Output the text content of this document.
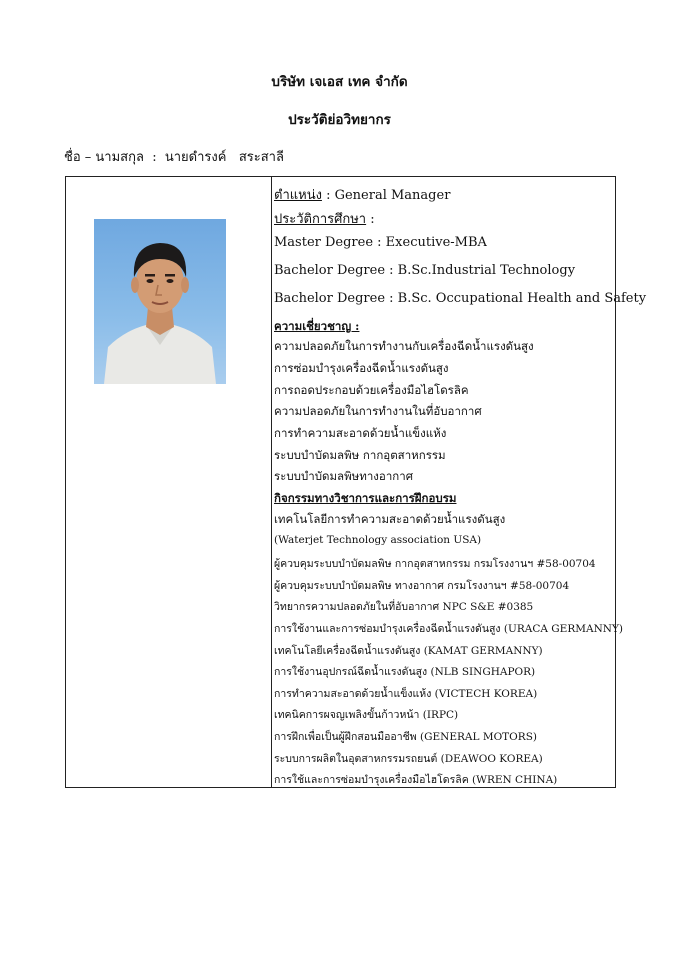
บริษัท เจเอส เทค จำกัด
ประวัติย่อวิทยากร
ชื่อ – นามสกุล  : นายดำรงค์   สระสาลี
ตำแหน่ง : General Manager
ประวัติการศึกษา :
Master Degree : Executive-MBA
Bachelor Degree : B.Sc.Industrial Technology
Bachelor Degree : B.Sc. Occupational Health and Safety
ความเชี่ยวชาญ :
ความปลอดภัยในการทำงานกับเครื่องฉีดน้ำแรงดันสูง
การซ่อมบำรุงเครื่องฉีดน้ำแรงดันสูง
การถอดประกอบด้วยเครื่องมือไฮโดรลิค
ความปลอดภัยในการทำงานในที่อับอากาศ
การทำความสะอาดด้วยน้ำแข็งแห้ง
ระบบบำบัดมลพิษ กากอุตสาหกรรม
ระบบบำบัดมลพิษทางอากาศ
กิจกรรมทางวิชาการและการฝึกอบรม
เทคโนโลยีการทำความสะอาดด้วยน้ำแรงดันสูง
(Waterjet Technology association USA)
ผู้ควบคุมระบบบำบัดมลพิษ กากอุตสาหกรรม กรมโรงงานฯ #58-00704
ผู้ควบคุมระบบบำบัดมลพิษ ทางอากาศ กรมโรงงานฯ #58-00704
วิทยากรความปลอดภัยในที่อับอากาศ NPC S&E #0385
การใช้งานและการซ่อมบำรุงเครื่องฉีดน้ำแรงดันสูง (URACA GERMANNY)
เทคโนโลยีเครื่องฉีดน้ำแรงดันสูง (KAMAT GERMANNY)
การใช้งานอุปกรณ์ฉีดน้ำแรงดันสูง (NLB SINGHAPOR)
การทำความสะอาดด้วยน้ำแข็งแห้ง (VICTECH KOREA)
เทคนิคการผจญเพลิงขั้นก้าวหน้า (IRPC)
การฝึกเพื่อเป็นผู้ฝึกสอนมืออาชีพ (GENERAL MOTORS)
ระบบการผลิตในอุตสาหกรรมรถยนต์ (DEAWOO KOREA)
การใช้และการซ่อมบำรุงเครื่องมือไฮโดรลิค (WREN CHINA)
